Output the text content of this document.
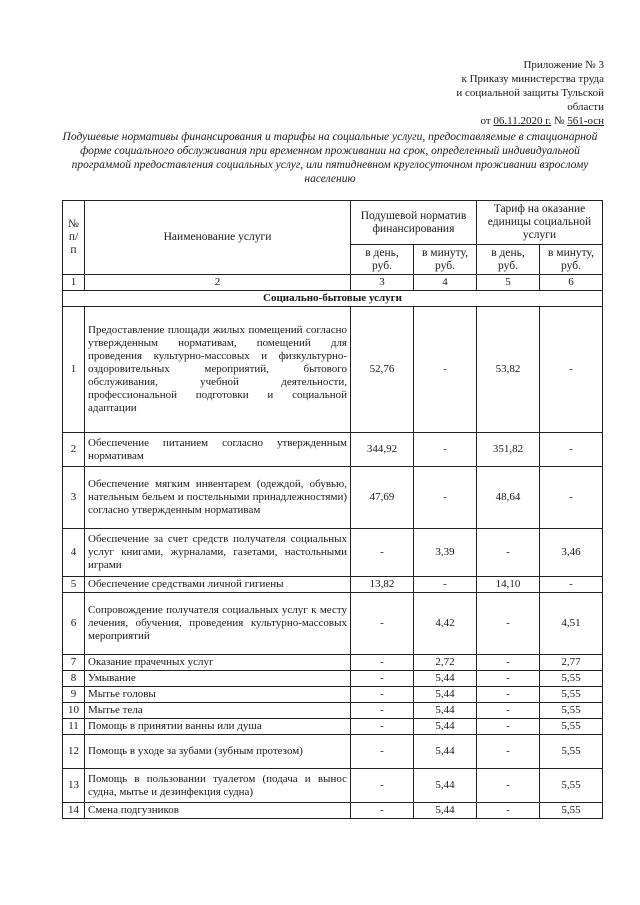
Приложение № 3
к Приказу министерства труда
и социальной защиты Тульской
области
от 06.11.2020 г. № 561-осн
Подушевые нормативы финансирования и тарифы на социальные услуги, предоставляемые в стационарной форме социального обслуживания при временном проживании на срок, определенный индивидуальной программой предоставления социальных услуг, или пятидневном круглосуточном проживании взрослому населению
№ п/п	Наименование услуги	Подушевой норматив финансирования		Тариф на оказание единицы социальной услуги	
		в день, руб.	в минуту, руб.	в день, руб.	в минуту, руб.
1	2	3	4	5	6
Социально-бытовые услуги					
1	Предоставление площади жилых помещений согласно утвержденным нормативам, помещений для проведения культурно-массовых и физкультурно-оздоровительных мероприятий, бытового обслуживания, учебной деятельности, профессиональной подготовки и социальной адаптации	52,76	-	53,82	-
2	Обеспечение питанием согласно утвержденным нормативам	344,92	-	351,82	-
3	Обеспечение мягким инвентарем (одеждой, обувью, нательным бельем и постельными принадлежностями) согласно утвержденным нормативам	47,69	-	48,64	-
4	Обеспечение за счет средств получателя социальных услуг книгами, журналами, газетами, настольными играми	-	3,39	-	3,46
5	Обеспечение средствами личной гигиены	13,82	-	14,10	-
6	Сопровождение получателя социальных услуг к месту лечения, обучения, проведения культурно-массовых мероприятий	-	4,42	-	4,51
7	Оказание прачечных услуг	-	2,72	-	2,77
8	Умывание	-	5,44	-	5,55
9	Мытье головы	-	5,44	-	5,55
10	Мытье тела	-	5,44	-	5,55
11	Помощь в принятии ванны или душа	-	5,44	-	5,55
12	Помощь в уходе за зубами (зубным протезом)	-	5,44	-	5,55
13	Помощь в пользовании туалетом (подача и вынос судна, мытье и дезинфекция судна)	-	5,44	-	5,55
14	Смена подгузников	-	5,44	-	5,55
